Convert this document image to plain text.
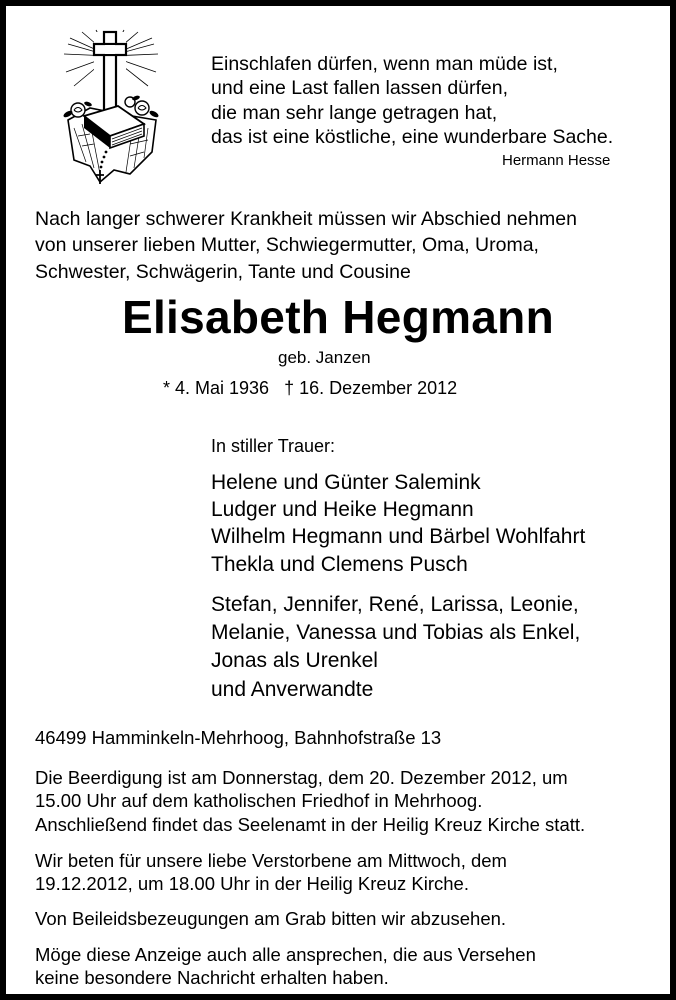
Einschlafen dürfen, wenn man müde ist,
und eine Last fallen lassen dürfen,
die man sehr lange getragen hat,
das ist eine köstliche, eine wunderbare Sache.
Hermann Hesse
Nach langer schwerer Krankheit müssen wir Abschied nehmen
von unserer lieben Mutter, Schwiegermutter, Oma, Uroma,
Schwester, Schwägerin, Tante und Cousine
Elisabeth Hegmann
geb. Janzen
* 4. Mai 1936   † 16. Dezember 2012
In stiller Trauer:
Helene und Günter Salemink
Ludger und Heike Hegmann
Wilhelm Hegmann und Bärbel Wohlfahrt
Thekla und Clemens Pusch
Stefan, Jennifer, René, Larissa, Leonie,
Melanie, Vanessa und Tobias als Enkel,
Jonas als Urenkel
und Anverwandte
46499 Hamminkeln-Mehrhoog, Bahnhofstraße 13
Die Beerdigung ist am Donnerstag, dem 20. Dezember 2012, um
15.00 Uhr auf dem katholischen Friedhof in Mehrhoog.
Anschließend findet das Seelenamt in der Heilig Kreuz Kirche statt.
Wir beten für unsere liebe Verstorbene am Mittwoch, dem
19.12.2012, um 18.00 Uhr in der Heilig Kreuz Kirche.
Von Beileidsbezeugungen am Grab bitten wir abzusehen.
Möge diese Anzeige auch alle ansprechen, die aus Versehen
keine besondere Nachricht erhalten haben.
